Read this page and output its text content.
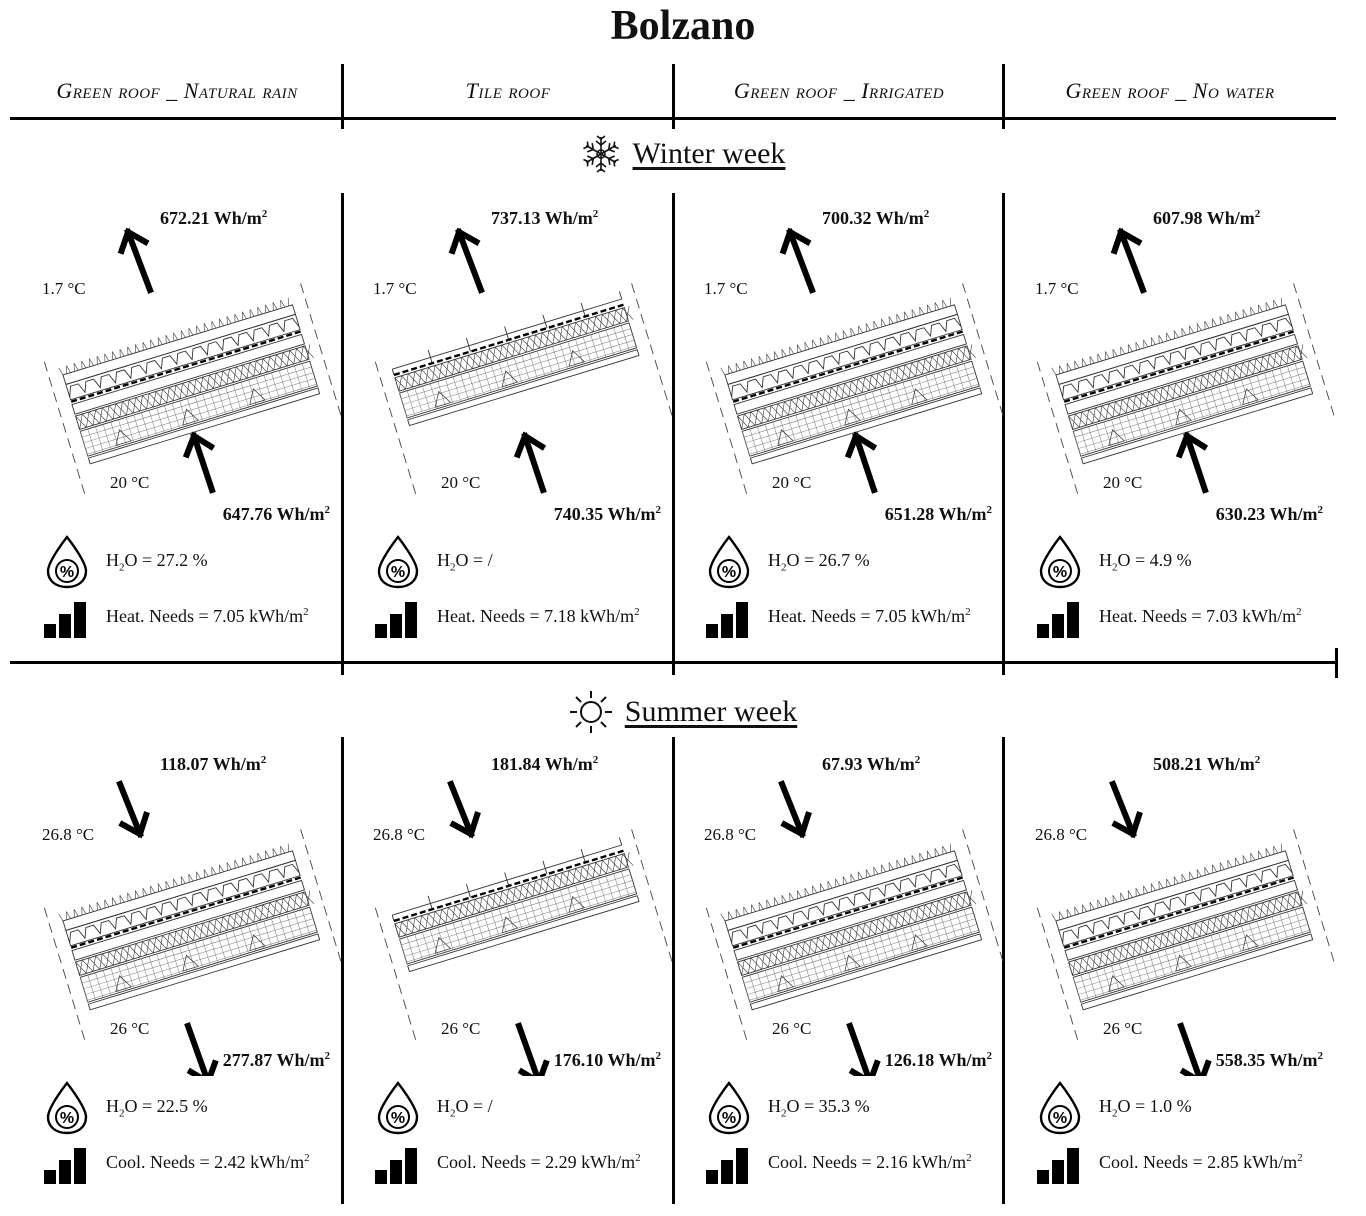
Bolzano
Green roof _ Natural rain	Tile roof	Green roof _ Irrigated	Green roof _ No water
Winter week
Summer week
672.21 $Wh/m^2$
647.76 $Wh/m^2$
1.7 °C
20 °C
%
$H_2O = 27.2$ %
Heat. Needs = 7.05 kWh/$m^2$
737.13 $Wh/m^2$
740.35 $Wh/m^2$
1.7 °C
20 °C
%
$H_2O$ = /
Heat. Needs = 7.18 kWh/$m^2$
700.32 $Wh/m^2$
651.28 $Wh/m^2$
1.7 °C
20 °C
%
$H_2O = 26.7$ %
Heat. Needs = 7.05 kWh/$m^2$
607.98 $Wh/m^2$
630.23 $Wh/m^2$
1.7 °C
20 °C
%
$H_2O = 4.9$ %
Heat. Needs = 7.03 kWh/$m^2$
118.07 $Wh/m^2$
277.87 $Wh/m^2$
26.8 °C
26 °C
%
$H_2O = 22.5$ %
Cool. Needs = 2.42 kWh/$m^2$
181.84 $Wh/m^2$
176.10 $Wh/m^2$
26.8 °C
26 °C
%
$H_2O$ = /
Cool. Needs = 2.29 kWh/$m^2$
67.93 $Wh/m^2$
126.18 $Wh/m^2$
26.8 °C
26 °C
%
$H_2O = 35.3$ %
Cool. Needs = 2.16 kWh/$m^2$
508.21 $Wh/m^2$
558.35 $Wh/m^2$
26.8 °C
26 °C
%
$H_2O = 1.0$ %
Cool. Needs = 2.85 kWh/$m^2$
